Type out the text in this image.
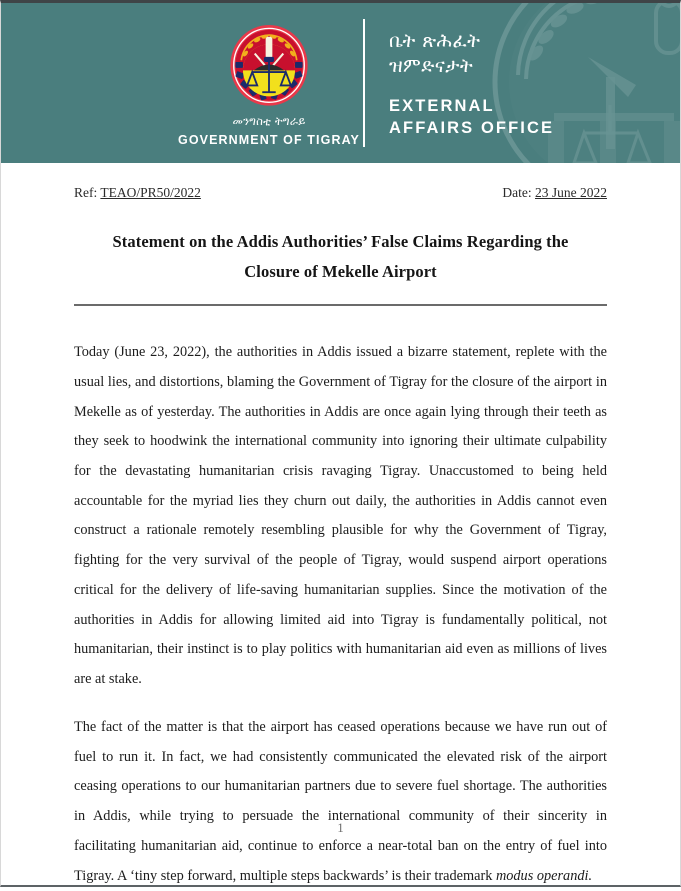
መንግስቲ ትግራይ
GOVERNMENT OF TIGRAY
ቤት ጽሕፈት
ዝምድናታት
EXTERNAL
AFFAIRS OFFICE
Ref: TEAO/PR50/2022	Date: 23 June 2022
Statement on the Addis Authorities’ False Claims Regarding the
Closure of Mekelle Airport

Today (June 23, 2022), the authorities in Addis issued a bizarre statement, replete with the usual lies, and distortions, blaming the Government of Tigray for the closure of the airport in Mekelle as of yesterday. The authorities in Addis are once again lying through their teeth as they seek to hoodwink the international community into ignoring their ultimate culpability for the devastating humanitarian crisis ravaging Tigray. Unaccustomed to being held accountable for the myriad lies they churn out daily, the authorities in Addis cannot even construct a rationale remotely resembling plausible for why the Government of Tigray, fighting for the very survival of the people of Tigray, would suspend airport operations critical for the delivery of life-saving humanitarian supplies. Since the motivation of the authorities in Addis for allowing limited aid into Tigray is fundamentally political, not humanitarian, their instinct is to play politics with humanitarian aid even as millions of lives are at stake.

The fact of the matter is that the airport has ceased operations because we have run out of fuel to run it. In fact, we had consistently communicated the elevated risk of the airport ceasing operations to our humanitarian partners due to severe fuel shortage. The authorities in Addis, while trying to persuade the international community of their sincerity in facilitating humanitarian aid, continue to enforce a near-total ban on the entry of fuel into Tigray. A ‘tiny step forward, multiple steps backwards’ is their trademark modus operandi.

1
